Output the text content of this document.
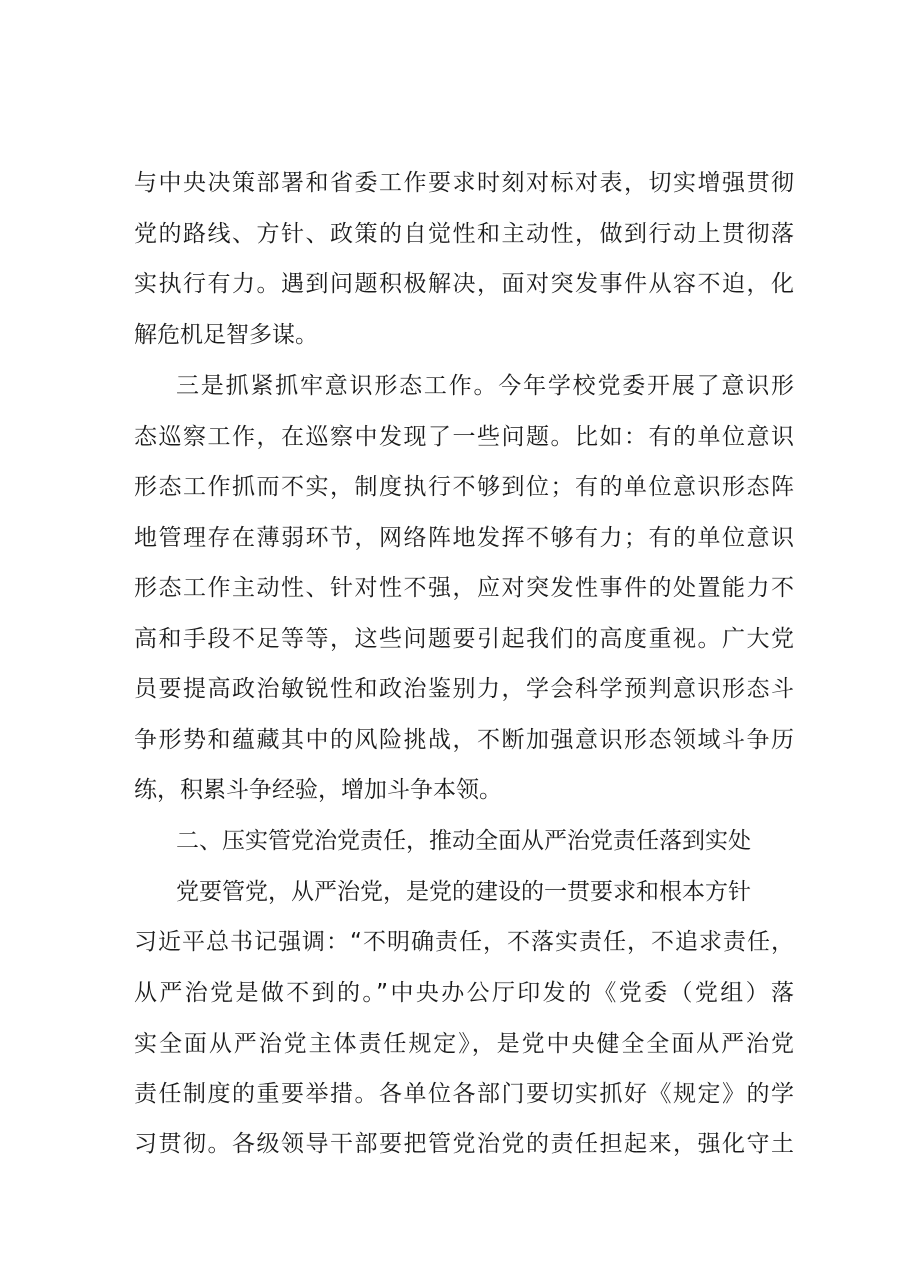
与中央决策部署和省委工作要求时刻对标对表，切实增强贯彻
党的路线、方针、政策的自觉性和主动性，做到行动上贯彻落
实执行有力。遇到问题积极解决，面对突发事件从容不迫，化
解危机足智多谋。
三是抓紧抓牢意识形态工作。今年学校党委开展了意识形
态巡察工作，在巡察中发现了一些问题。比如：有的单位意识
形态工作抓而不实，制度执行不够到位；有的单位意识形态阵
地管理存在薄弱环节，网络阵地发挥不够有力；有的单位意识
形态工作主动性、针对性不强，应对突发性事件的处置能力不
高和手段不足等等，这些问题要引起我们的高度重视。广大党
员要提高政治敏锐性和政治鉴别力，学会科学预判意识形态斗
争形势和蕴藏其中的风险挑战，不断加强意识形态领域斗争历
练，积累斗争经验，增加斗争本领。
二、压实管党治党责任，推动全面从严治党责任落到实处
党要管党，从严治党，是党的建设的一贯要求和根本方针
习近平总书记强调：“不明确责任，不落实责任，不追求责任，
从严治党是做不到的。”中央办公厅印发的《党委（党组）落
实全面从严治党主体责任规定》，是党中央健全全面从严治党
责任制度的重要举措。各单位各部门要切实抓好《规定》的学
习贯彻。各级领导干部要把管党治党的责任担起来，强化守土
